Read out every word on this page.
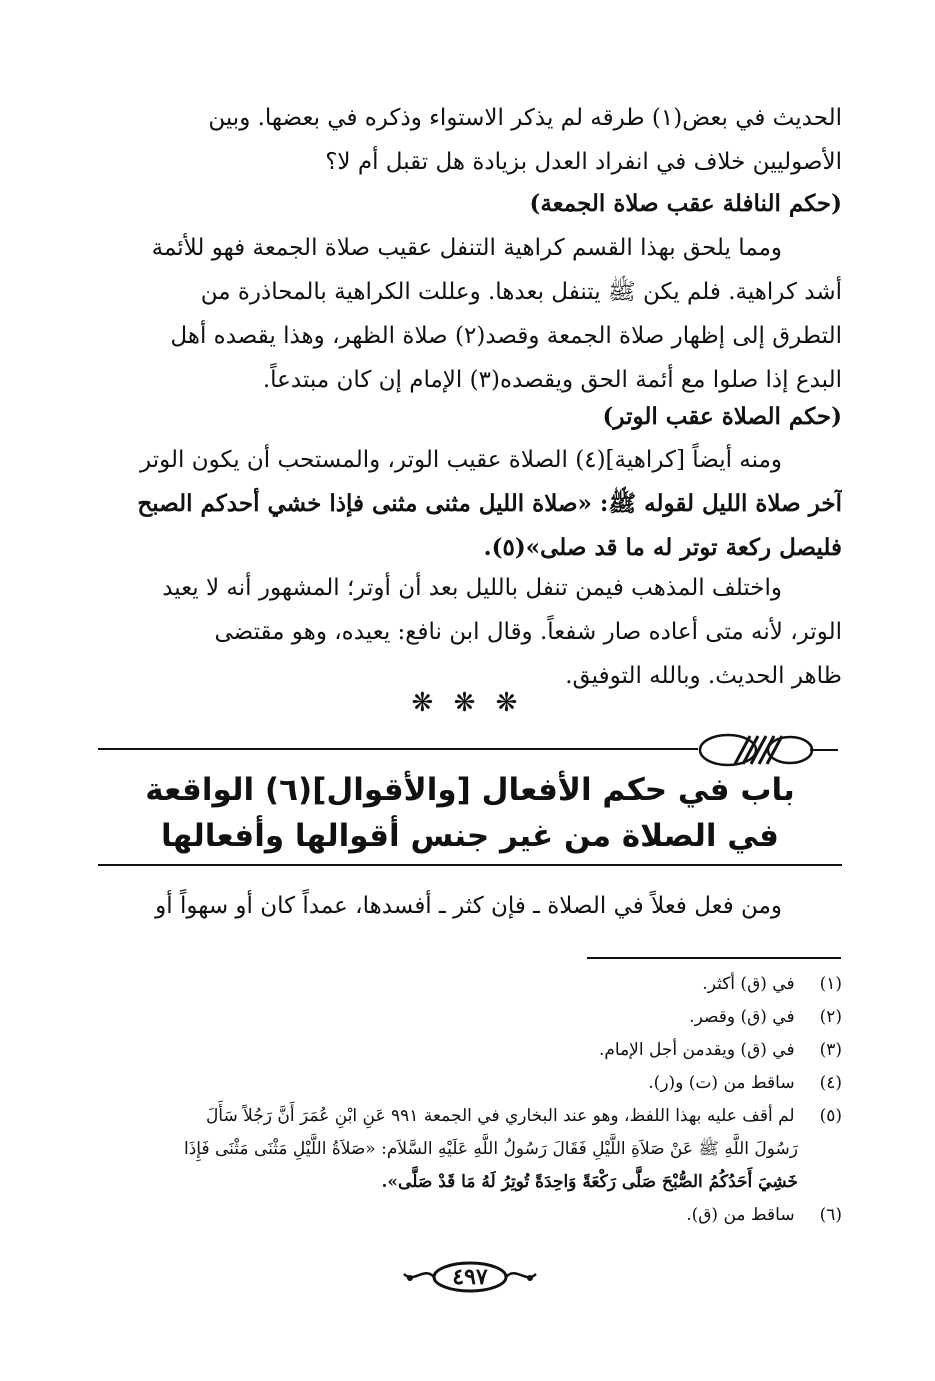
الحديث في بعض(١) طرقه لم يذكر الاستواء وذكره في بعضها. وبين
الأصوليين خلاف في انفراد العدل بزيادة هل تقبل أم لا؟
(حكم النافلة عقب صلاة الجمعة)
ومما يلحق بهذا القسم كراهية التنفل عقيب صلاة الجمعة فهو للأئمة
أشد كراهية. فلم يكن ﷺ يتنفل بعدها. وعللت الكراهية بالمحاذرة من
التطرق إلى إظهار صلاة الجمعة وقصد(٢) صلاة الظهر، وهذا يقصده أهل
البدع إذا صلوا مع أئمة الحق ويقصده(٣) الإمام إن كان مبتدعاً.
(حكم الصلاة عقب الوتر)
ومنه أيضاً [كراهية](٤) الصلاة عقيب الوتر، والمستحب أن يكون الوتر
آخر صلاة الليل لقوله ﷺ: «صلاة الليل مثنى مثنى فإذا خشي أحدكم الصبح
فليصل ركعة توتر له ما قد صلى»(٥).
واختلف المذهب فيمن تنفل بالليل بعد أن أوتر؛ المشهور أنه لا يعيد
الوتر، لأنه متى أعاده صار شفعاً. وقال ابن نافع: يعيده، وهو مقتضى
ظاهر الحديث. وبالله التوفيق.
❋ ❋ ❋
باب في حكم الأفعال [والأقوال](٦) الواقعة
في الصلاة من غير جنس أقوالها وأفعالها
ومن فعل فعلاً في الصلاة ـ فإن كثر ـ أفسدها، عمداً كان أو سهواً أو
(١) في (ق) أكثر.
(٢) في (ق) وقصر.
(٣) في (ق) ويقدمن أجل الإمام.
(٤) ساقط من (ت) و(ر).
(٥) لم أقف عليه بهذا اللفظ، وهو عند البخاري في الجمعة ٩٩١ عَنِ ابْنِ عُمَرَ أَنَّ رَجُلاً سَأَلَ
رَسُولَ اللَّهِ ﷺ عَنْ صَلاَةِ اللَّيْلِ فَقَالَ رَسُولُ اللَّهِ عَلَيْهِ السَّلاَم: «صَلاَةُ اللَّيْلِ مَثْنَى مَثْنَى فَإِذَا
خَشِيَ أَحَدُكُمُ الصُّبْحَ صَلَّى رَكْعَةً وَاحِدَةً تُوتِرُ لَهُ مَا قَدْ صَلَّى».
(٦) ساقط من (ق).
٤٩٧
